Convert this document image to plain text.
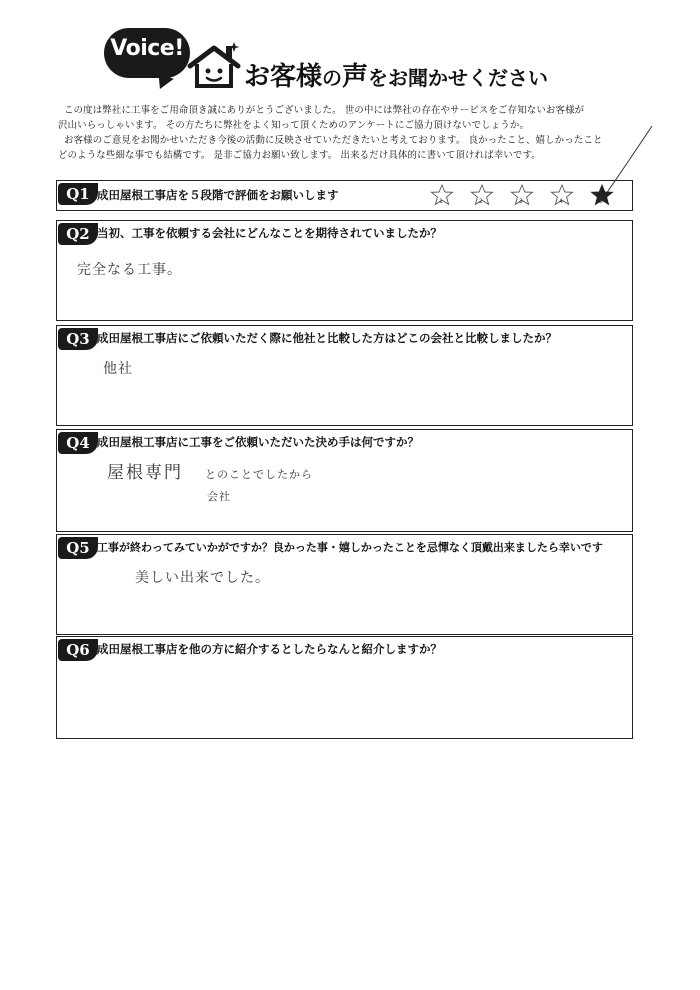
Voice!
お客様の声をお聞かせください

この度は弊社に工事をご用命頂き誠にありがとうございました。 世の中には弊社の存在やサービスをご存知ないお客様が

沢山いらっしゃいます。 その方たちに弊社をよく知って頂くためのアンケートにご協力頂けないでしょうか。

お客様のご意見をお聞かせいただき今後の活動に反映させていただきたいと考えております。 良かったこと、嬉しかったこと

どのような些細な事でも結構です。 是非ご協力お願い致します。 出来るだけ具体的に書いて頂ければ幸いです。

Q1 成田屋根工事店を５段階で評価をお願いします	1	2	3	4	5
Q2 当初、工事を依頼する会社にどんなことを期待されていましたか？
完全なる工事。
Q3 成田屋根工事店にご依頼いただく際に他社と比較した方はどこの会社と比較しましたか？
他社
Q4 成田屋根工事店に工事をご依頼いただいた決め手は何ですか？
屋根専門 とのことでしたから
会社
Q5 工事が終わってみていかがですか？良かった事・嬉しかったことを忌憚なく頂戴出来ましたら幸いです
美しい出来でした。
Q6 成田屋根工事店を他の方に紹介するとしたらなんと紹介しますか？
